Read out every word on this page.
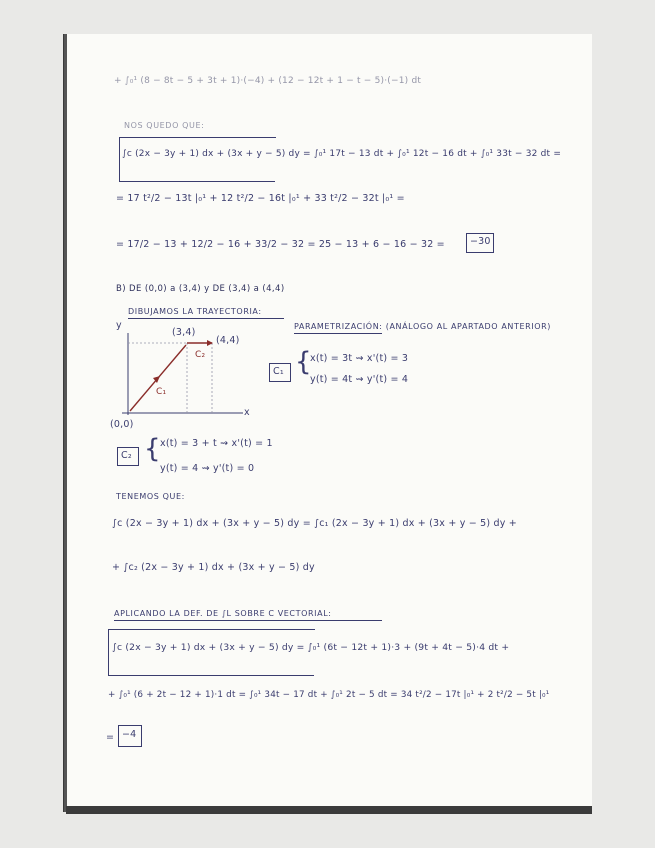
+ ∫₀¹ (8 − 8t − 5 + 3t + 1)·(−4) + (12 − 12t + 1 − t − 5)·(−1) dt
NOS QUEDO QUE:
∫c (2x − 3y + 1) dx + (3x + y − 5) dy = ∫₀¹ 17t − 13 dt + ∫₀¹ 12t − 16 dt + ∫₀¹ 33t − 32 dt =
= 17 t²/2 − 13t |₀¹ + 12 t²/2 − 16t |₀¹ + 33 t²/2 − 32t |₀¹ =
= 17/2 − 13 + 12/2 − 16 + 33/2 − 32 = 25 − 13 + 6 − 16 − 32 =	−30
B) DE (0,0) a (3,4) y DE (3,4) a (4,4)
DIBUJAMOS LA TRAYECTORIA:
y
x
(0,0)
(3,4)
(4,4)
C₁
C₂
PARAMETRIZACIÓN: (ANÁLOGO AL APARTADO ANTERIOR)
C₁ {
x(t) = 3t ⇝ x'(t) = 3
y(t) = 4t ⇝ y'(t) = 4
C₂ { x(t) = 3 + t ⇝ x'(t) = 1
y(t) = 4 ⇝ y'(t) = 0
TENEMOS QUE:
∫c (2x − 3y + 1) dx + (3x + y − 5) dy = ∫c₁ (2x − 3y + 1) dx + (3x + y − 5) dy +
+ ∫c₂ (2x − 3y + 1) dx + (3x + y − 5) dy
APLICANDO LA DEF. DE ∫L SOBRE C VECTORIAL:
∫c (2x − 3y + 1) dx + (3x + y − 5) dy = ∫₀¹ (6t − 12t + 1)·3 + (9t + 4t − 5)·4 dt +
+ ∫₀¹ (6 + 2t − 12 + 1)·1 dt = ∫₀¹ 34t − 17 dt + ∫₀¹ 2t − 5 dt = 34 t²/2 − 17t |₀¹ + 2 t²/2 − 5t |₀¹
= −4
